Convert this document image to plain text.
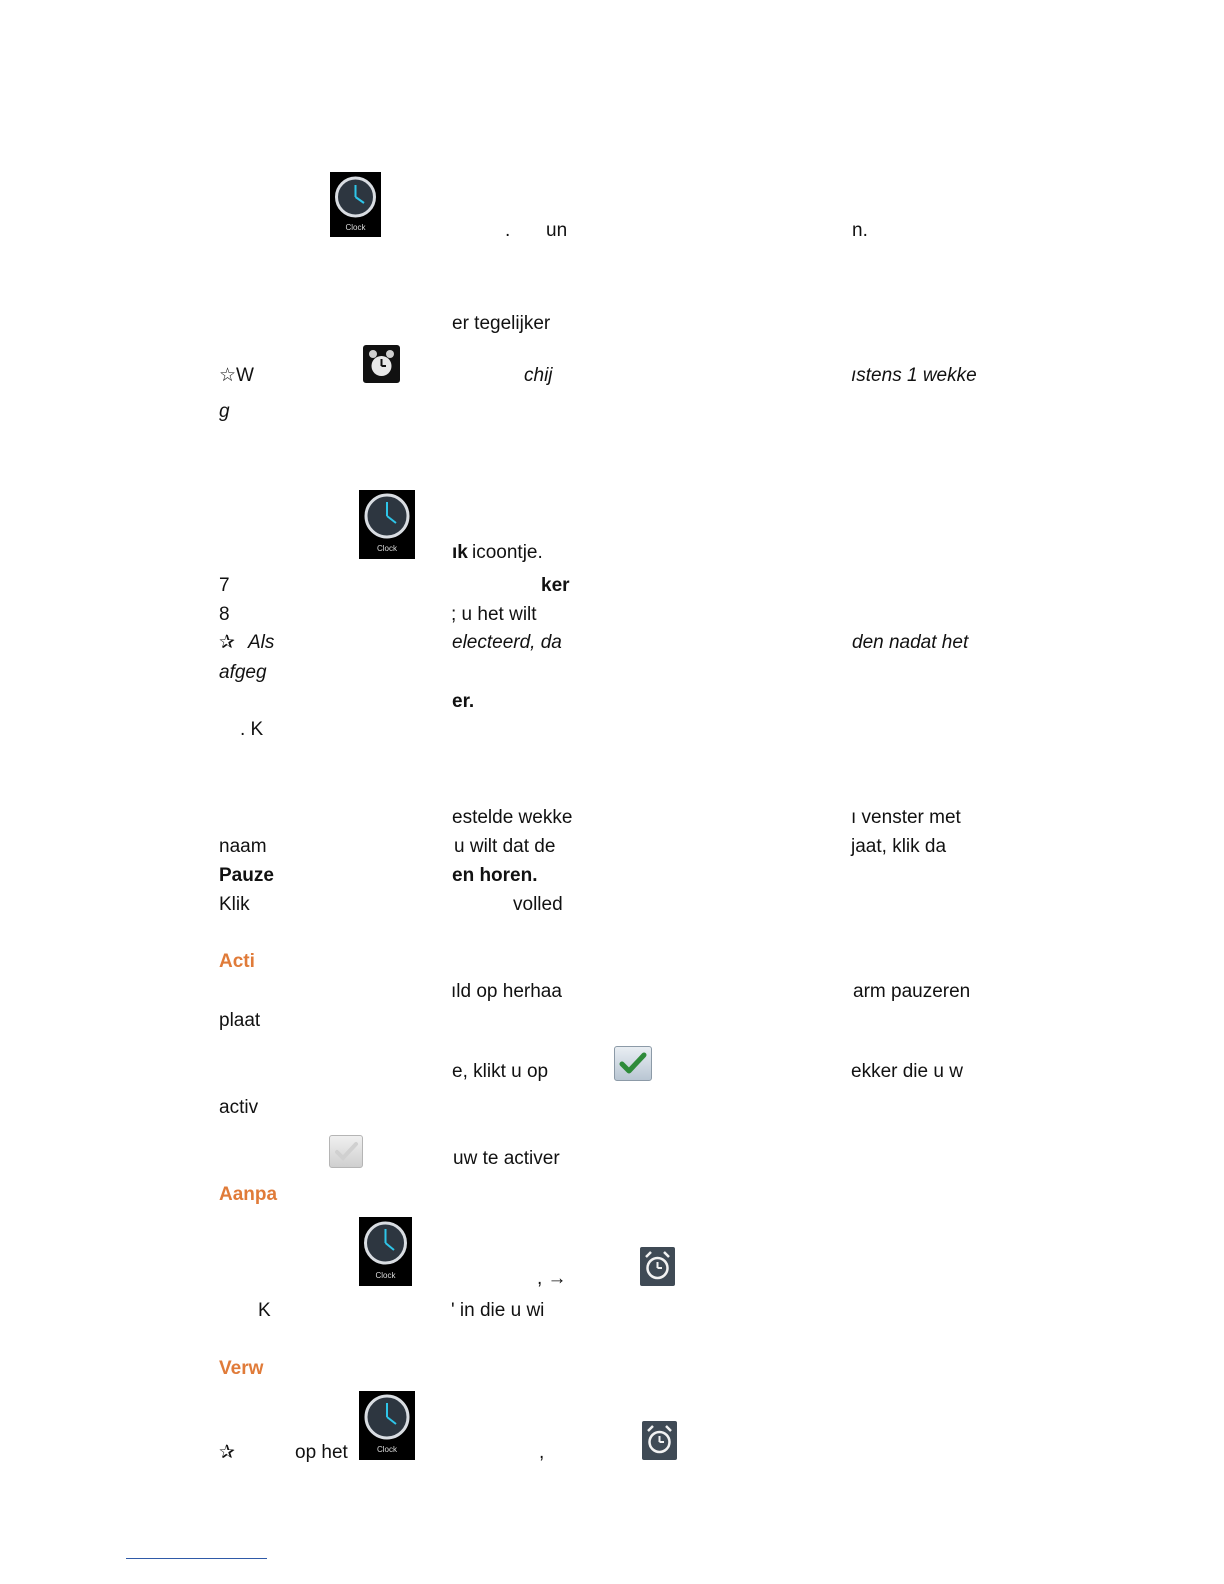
Clock
Clock
Clock
Clock
. un	n.
er tegelijker
☆W	chij	ıstens 1 wekke
g
ık icoontje.
7	ker
8	; u het wilt
✰ Als	electeerd, da	den nadat het
afgeg
er.
. K
estelde wekke	ı venster met
naam	u wilt dat de	jaat, klik da
Pauze	en horen.
Klik	volled
Acti
ıld op herhaa	arm pauzeren
plaat
e, klikt u op	ekker die u w
activ
uw te activer
Aanpa
, →
K	' in die u wi
Verw
✰	op het	,
